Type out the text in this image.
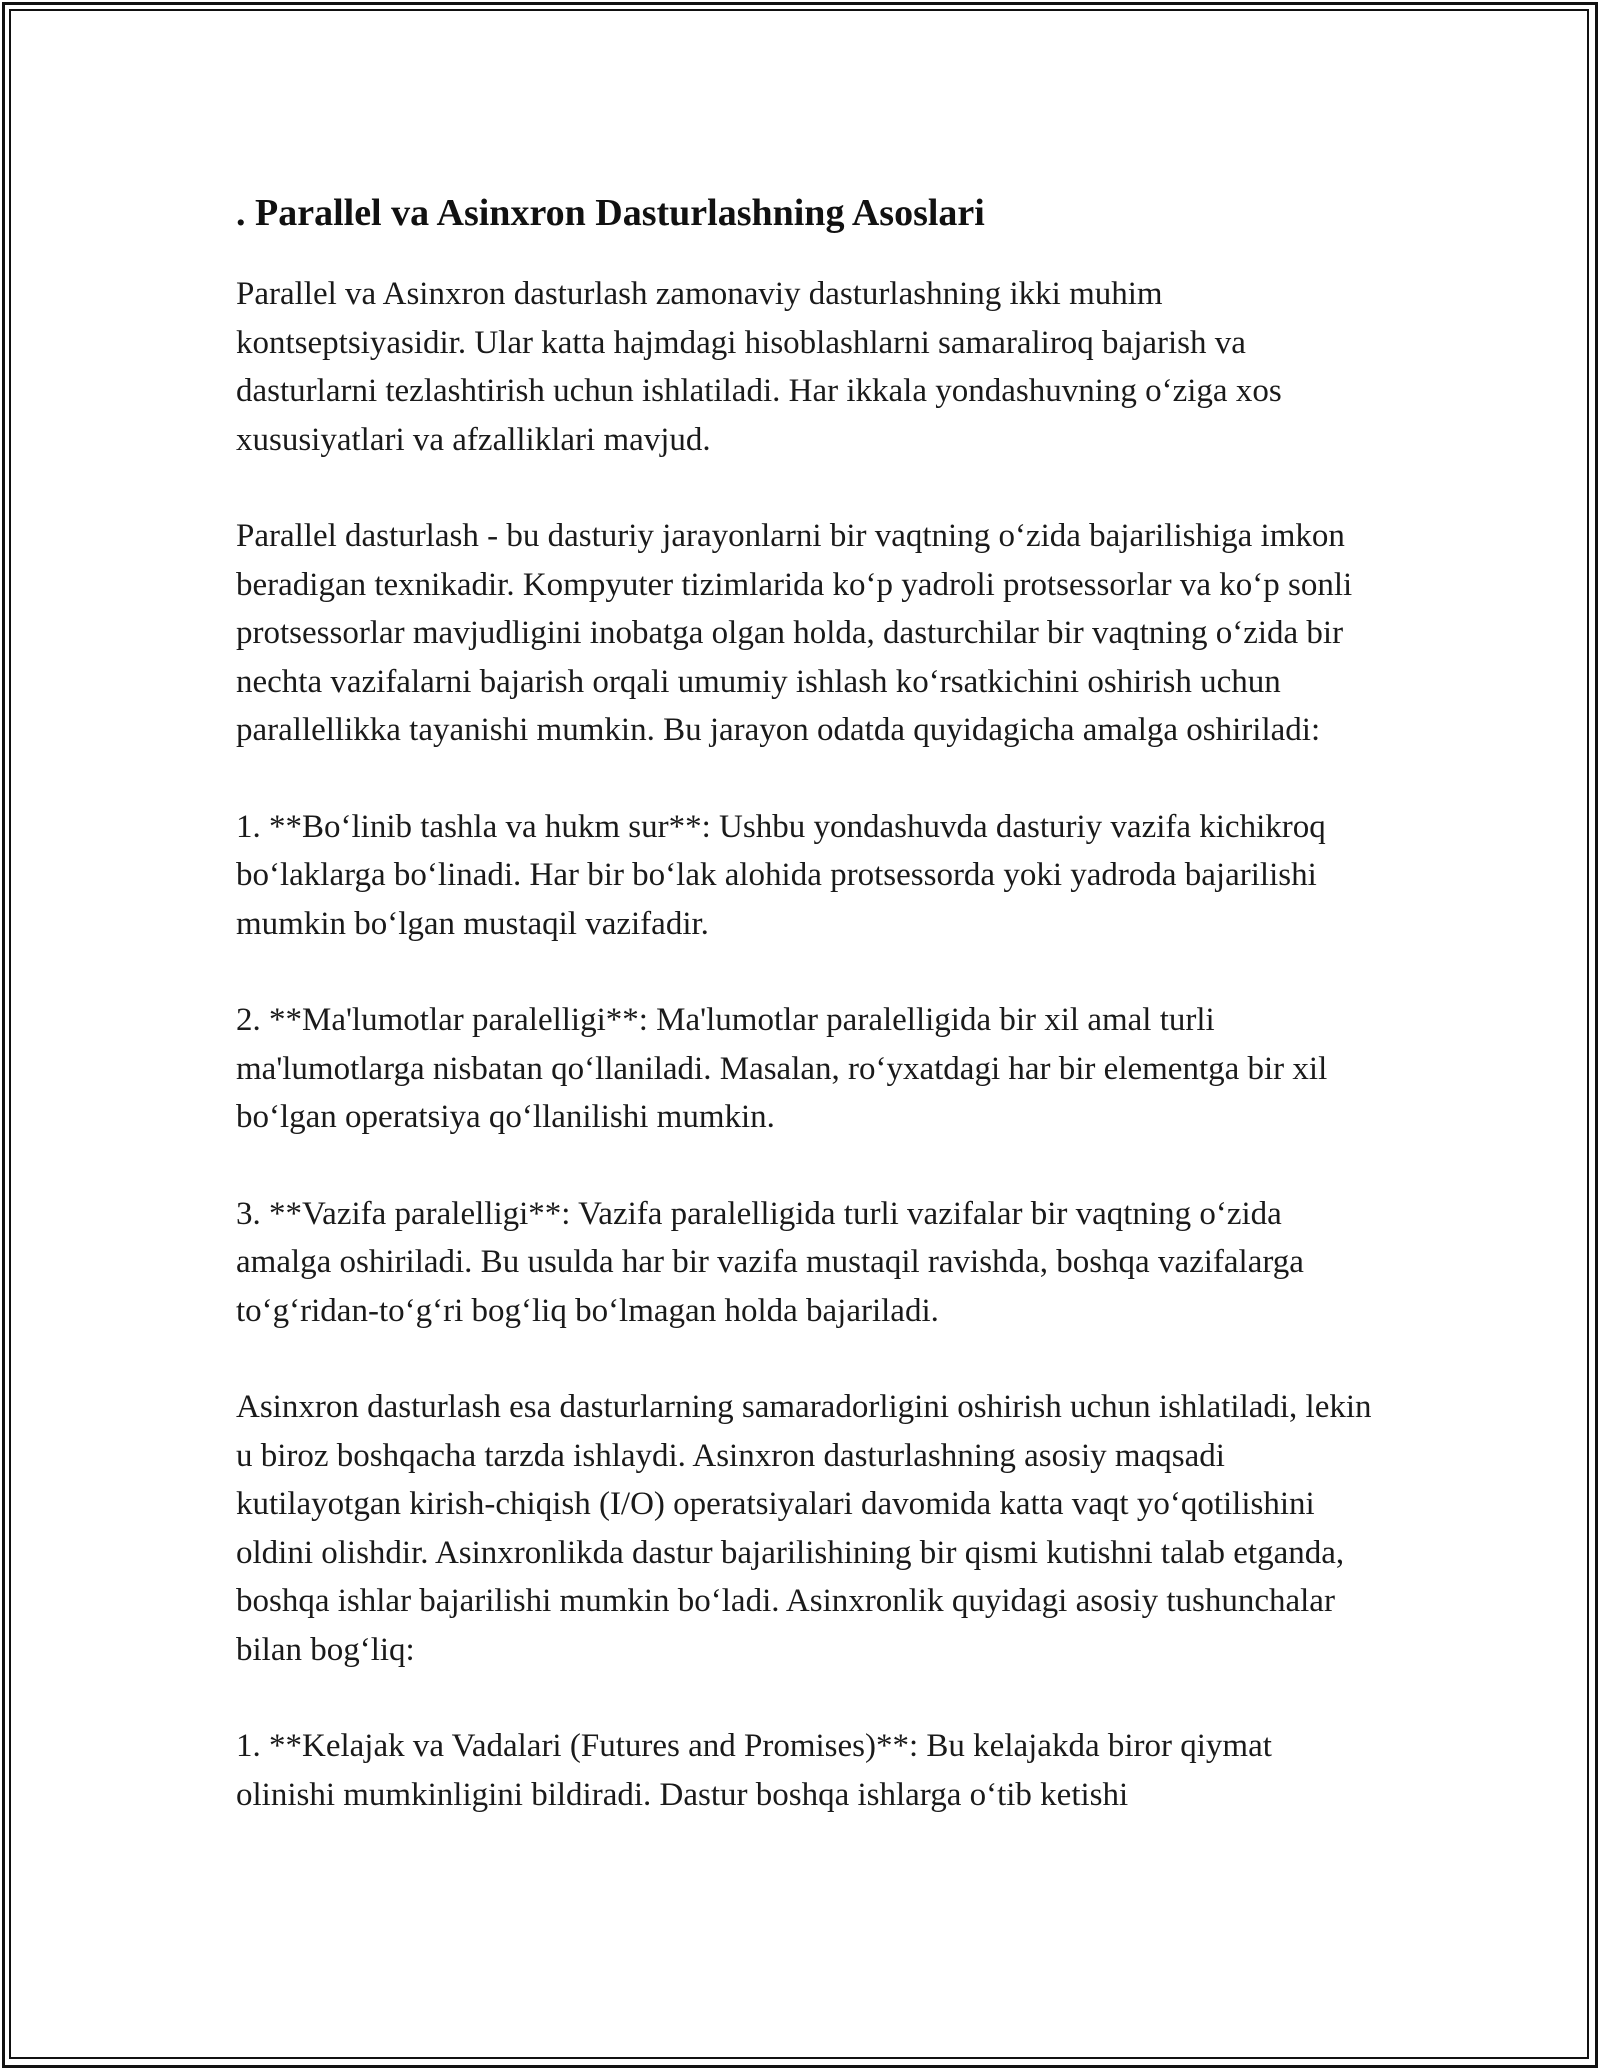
. Parallel va Asinxron Dasturlashning Asoslari

Parallel va Asinxron dasturlash zamonaviy dasturlashning ikki muhim kontseptsiyasidir. Ular katta hajmdagi hisoblashlarni samaraliroq bajarish va dasturlarni tezlashtirish uchun ishlatiladi. Har ikkala yondashuvning o‘ziga xos xususiyatlari va afzalliklari mavjud.

Parallel dasturlash - bu dasturiy jarayonlarni bir vaqtning o‘zida bajarilishiga imkon beradigan texnikadir. Kompyuter tizimlarida ko‘p yadroli protsessorlar va ko‘p sonli protsessorlar mavjudligini inobatga olgan holda, dasturchilar bir vaqtning o‘zida bir nechta vazifalarni bajarish orqali umumiy ishlash ko‘rsatkichini oshirish uchun parallellikka tayanishi mumkin. Bu jarayon odatda quyidagicha amalga oshiriladi:

1. **Bo‘linib tashla va hukm sur**: Ushbu yondashuvda dasturiy vazifa kichikroq bo‘laklarga bo‘linadi. Har bir bo‘lak alohida protsessorda yoki yadroda bajarilishi mumkin bo‘lgan mustaqil vazifadir.

2. **Ma'lumotlar paralelligi**: Ma'lumotlar paralelligida bir xil amal turli ma'lumotlarga nisbatan qo‘llaniladi. Masalan, ro‘yxatdagi har bir elementga bir xil bo‘lgan operatsiya qo‘llanilishi mumkin.

3. **Vazifa paralelligi**: Vazifa paralelligida turli vazifalar bir vaqtning o‘zida amalga oshiriladi. Bu usulda har bir vazifa mustaqil ravishda, boshqa vazifalarga to‘g‘ridan-to‘g‘ri bog‘liq bo‘lmagan holda bajariladi.

Asinxron dasturlash esa dasturlarning samaradorligini oshirish uchun ishlatiladi, lekin u biroz boshqacha tarzda ishlaydi. Asinxron dasturlashning asosiy maqsadi kutilayotgan kirish-chiqish (I/O) operatsiyalari davomida katta vaqt yo‘qotilishini oldini olishdir. Asinxronlikda dastur bajarilishining bir qismi kutishni talab etganda, boshqa ishlar bajarilishi mumkin bo‘ladi. Asinxronlik quyidagi asosiy tushunchalar bilan bog‘liq:

1. **Kelajak va Vadalari (Futures and Promises)**: Bu kelajakda biror qiymat olinishi mumkinligini bildiradi. Dastur boshqa ishlarga o‘tib ketishi
